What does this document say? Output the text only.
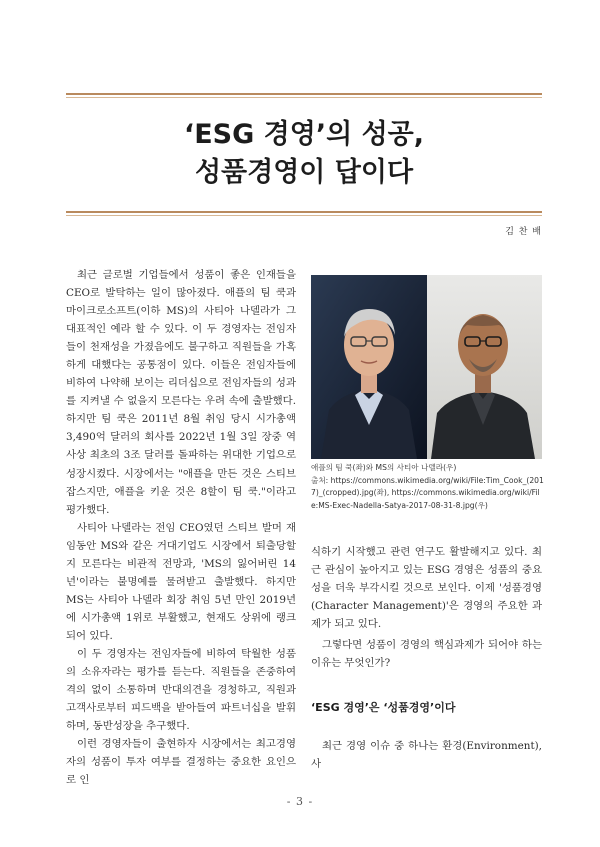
‘ESG 경영’의 성공,
성품경영이 답이다
김 찬 배

최근 글로벌 기업들에서 성품이 좋은 인재들을 CEO로 발탁하는 일이 많아졌다. 애플의 팀 쿡과 마이크로소프트(이하 MS)의 사티아 나델라가 그 대표적인 예라 할 수 있다. 이 두 경영자는 전임자들이 천재성을 가졌음에도 불구하고 직원들을 가혹하게 대했다는 공통점이 있다. 이들은 전임자들에 비하여 나약해 보이는 리더십으로 전임자들의 성과를 지켜낼 수 없을지 모른다는 우려 속에 출발했다. 하지만 팀 쿡은 2011년 8월 취임 당시 시가총액 3,490억 달러의 회사를 2022년 1월 3일 장중 역사상 최초의 3조 달러를 돌파하는 위대한 기업으로 성장시켰다. 시장에서는 "애플을 만든 것은 스티브 잡스지만, 애플을 키운 것은 8할이 팀 쿡."이라고 평가했다.

사티아 나델라는 전임 CEO였던 스티브 발머 재임동안 MS와 같은 거대기업도 시장에서 퇴출당할지 모른다는 비관적 전망과, 'MS의 잃어버린 14년'이라는 불명예를 물려받고 출발했다. 하지만 MS는 사티아 나델라 회장 취임 5년 만인 2019년에 시가총액 1위로 부활했고, 현재도 상위에 랭크되어 있다.

이 두 경영자는 전임자들에 비하여 탁월한 성품의 소유자라는 평가를 듣는다. 직원들을 존중하여 격의 없이 소통하며 반대의견을 경청하고, 직원과 고객사로부터 피드백을 받아들여 파트너십을 발휘하며, 동반성장을 추구했다.

이런 경영자들이 출현하자 시장에서는 최고경영자의 성품이 투자 여부를 결정하는 중요한 요인으로 인

애플의 팀 쿡(좌)와 MS의 사티아 나델라(우)
출처: https://commons.wikimedia.org/wiki/File:Tim_Cook_(2017)_(cropped).jpg(좌), https://commons.wikimedia.org/wiki/File:MS-Exec-Nadella-Satya-2017-08-31-8.jpg(우)

식하기 시작했고 관련 연구도 활발해지고 있다. 최근 관심이 높아지고 있는 ESG 경영은 성품의 중요성을 더욱 부각시킬 것으로 보인다. 이제 '성품경영(Character Management)'은 경영의 주요한 과제가 되고 있다.

그렇다면 성품이 경영의 핵심과제가 되어야 하는 이유는 무엇인가?

‘ESG 경영’은 ‘성품경영’이다

최근 경영 이슈 중 하나는 환경(Environment), 사

- 3 -
